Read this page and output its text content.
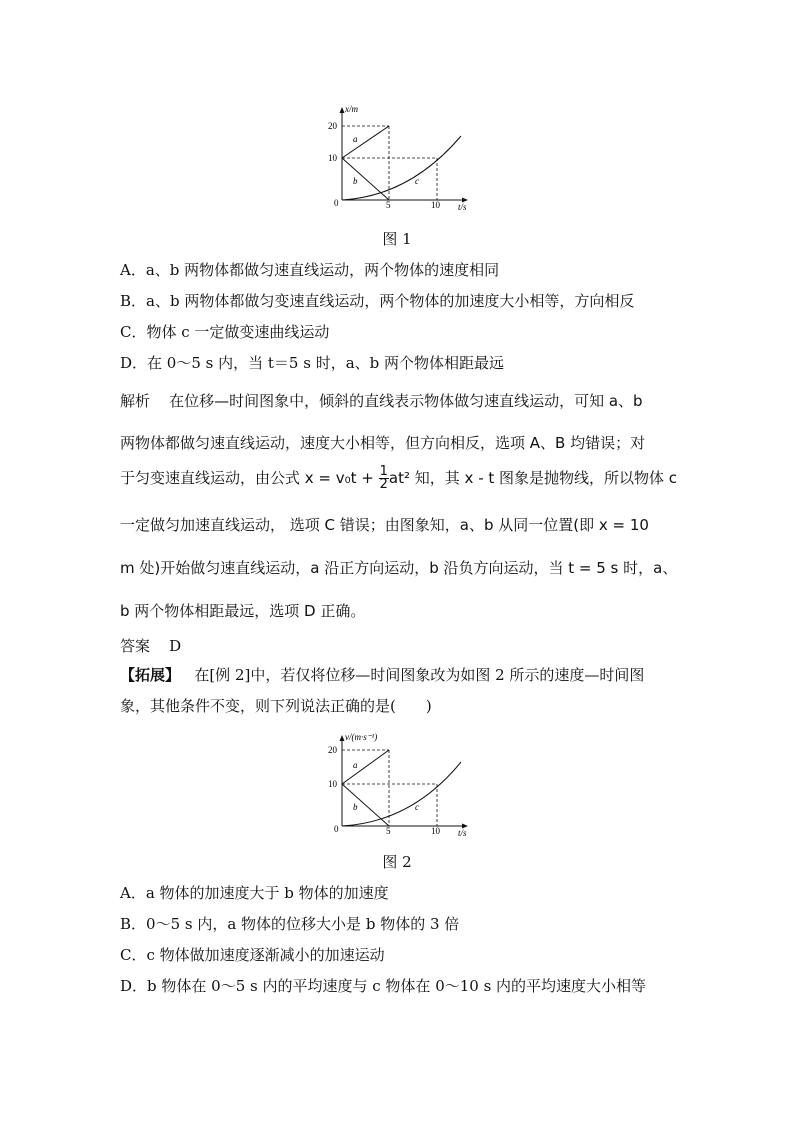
x/m
t/s
0
10
20
5	10
a
b	c
图 1
A．a、b 两物体都做匀速直线运动，两个物体的速度相同
B．a、b 两物体都做匀变速直线运动，两个物体的加速度大小相等，方向相反
C．物体 c 一定做变速曲线运动
D．在 0～5 s 内，当 t＝5 s 时，a、b 两个物体相距最远
解析 在位移—时间图象中，倾斜的直线表示物体做匀速直线运动，可知 a、b
两物体都做匀速直线运动，速度大小相等，但方向相反，选项 A、B 均错误；对
于匀变速直线运动，由公式 $x = v_0t + \frac{1}{2} at^2$ 知，其 x - t 图象是抛物线，所以物体 c
一定做匀加速直线运动， 选项 C 错误；由图象知，a、b 从同一位置(即 x = 10
m 处)开始做匀速直线运动，a 沿正方向运动，b 沿负方向运动，当 t = 5 s 时，a、
b 两个物体相距最远，选项 D 正确。
答案 D
【拓展】 在[例 2]中，若仅将位移—时间图象改为如图 2 所示的速度—时间图
象，其他条件不变，则下列说法正确的是(　　)
v/(m·s⁻¹)
t/s
0
10
20
5	10
a
b	c
图 2
A．a 物体的加速度大于 b 物体的加速度
B．0～5 s 内，a 物体的位移大小是 b 物体的 3 倍
C．c 物体做加速度逐渐减小的加速运动
D．b 物体在 0～5 s 内的平均速度与 c 物体在 0～10 s 内的平均速度大小相等
